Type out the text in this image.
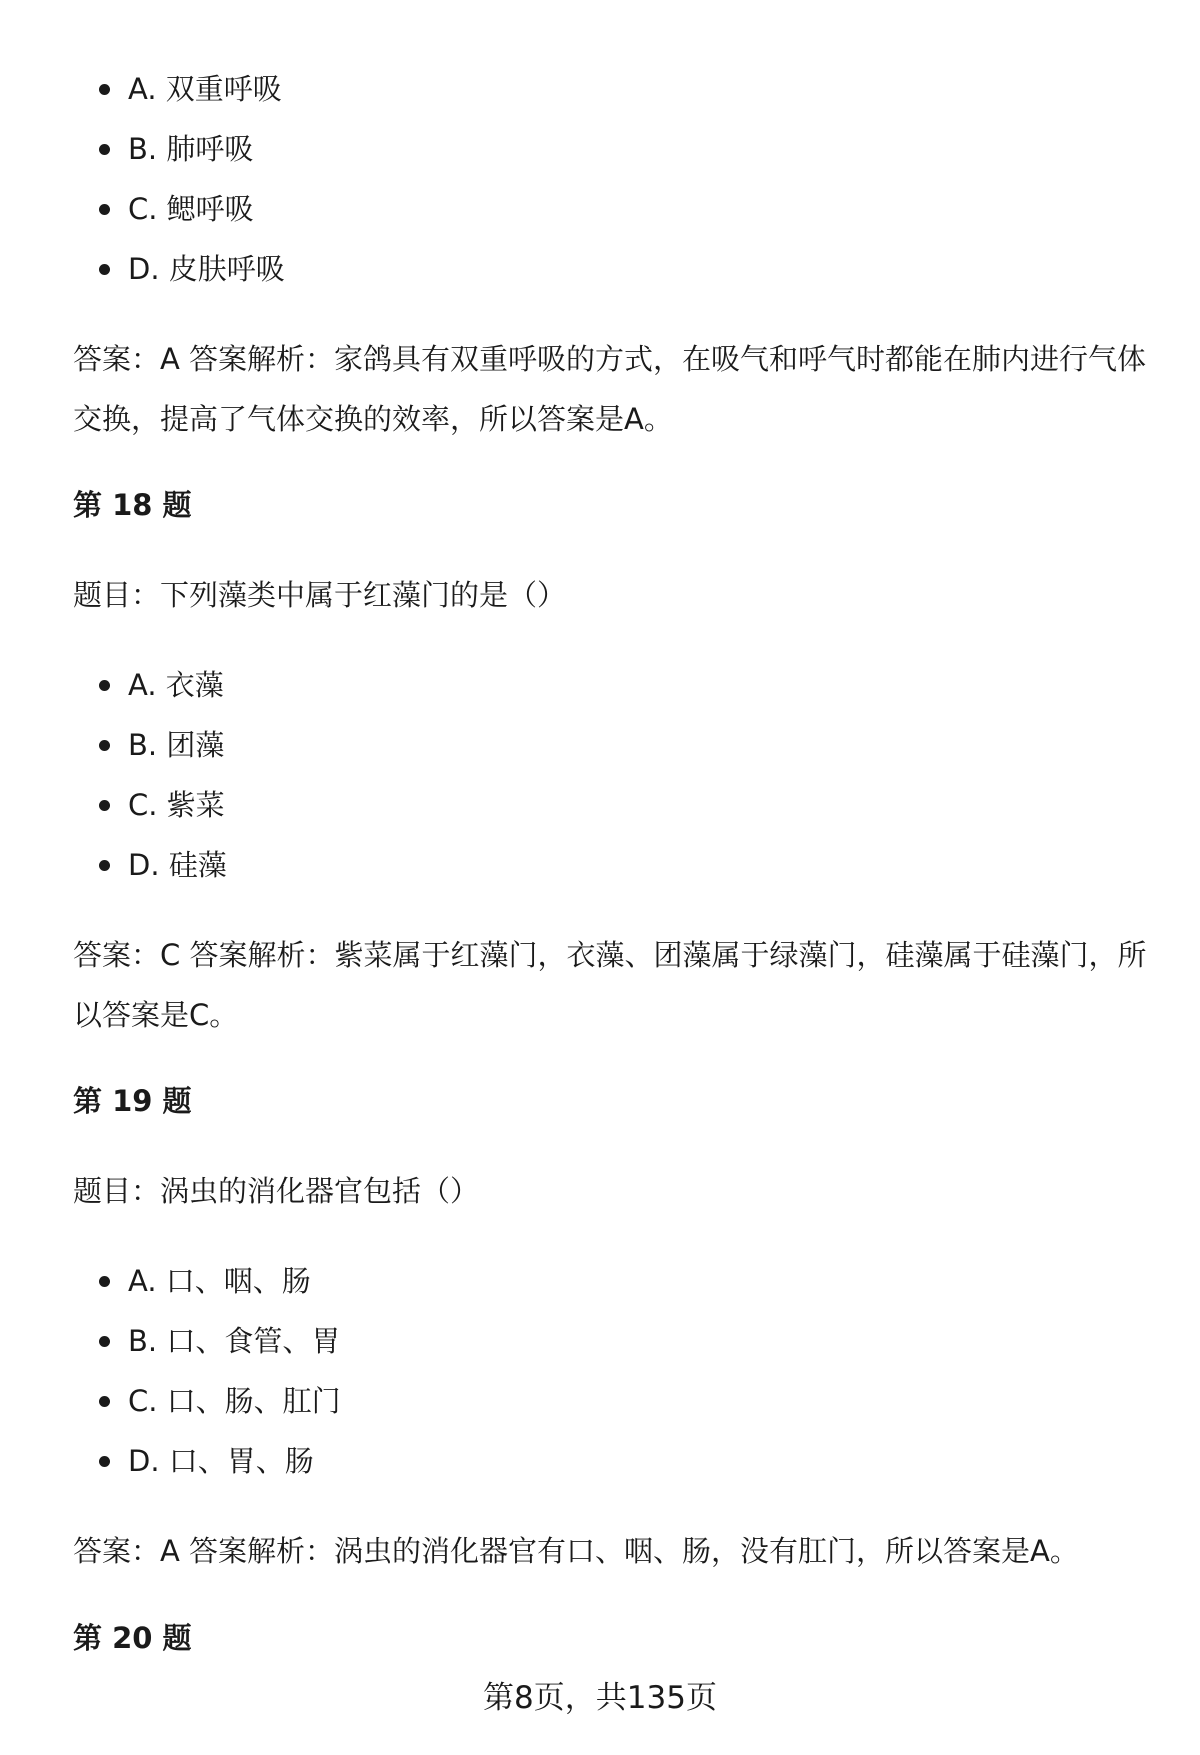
A. 双重呼吸
B. 肺呼吸
C. 鳃呼吸
D. 皮肤呼吸

答案：A 答案解析：家鸽具有双重呼吸的方式，在吸气和呼气时都能在肺内进行气体交换，提高了气体交换的效率，所以答案是A。

第 18 题

题目：下列藻类中属于红藻门的是（）

A. 衣藻
B. 团藻
C. 紫菜
D. 硅藻

答案：C 答案解析：紫菜属于红藻门，衣藻、团藻属于绿藻门，硅藻属于硅藻门，所以答案是C。

第 19 题

题目：涡虫的消化器官包括（）

A. 口、咽、肠
B. 口、食管、胃
C. 口、肠、肛门
D. 口、胃、肠

答案：A 答案解析：涡虫的消化器官有口、咽、肠，没有肛门，所以答案是A。

第 20 题

第8页，共135页
